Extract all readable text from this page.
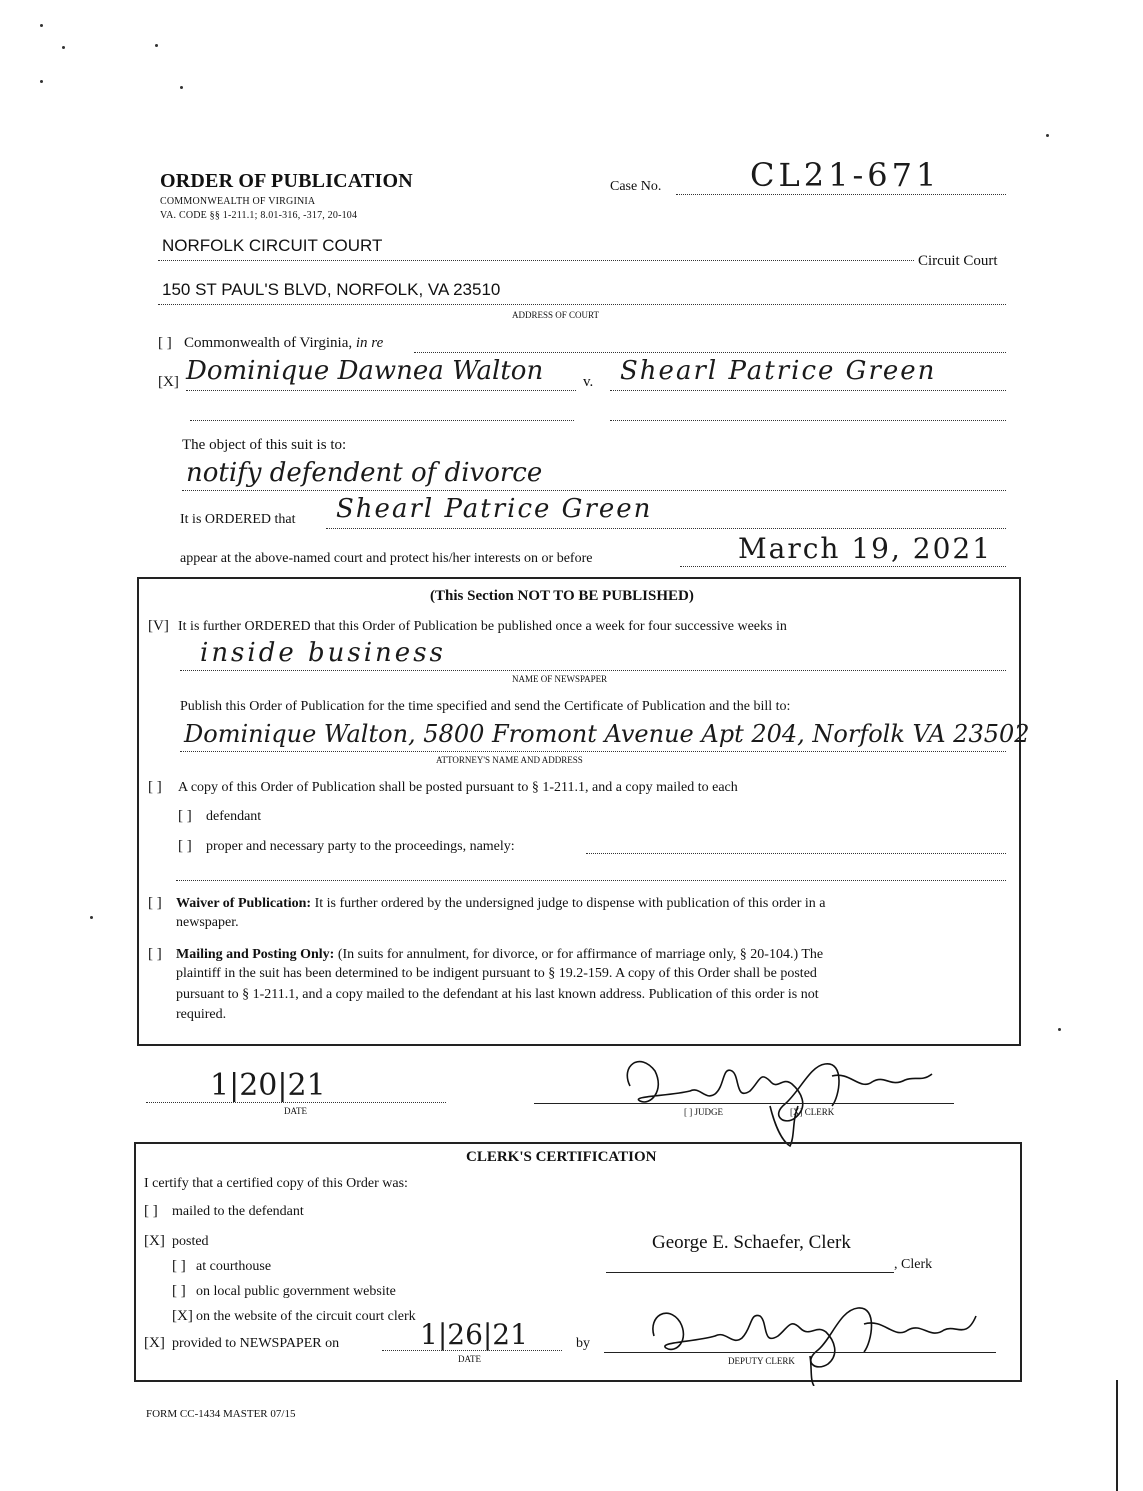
ORDER OF PUBLICATION
COMMONWEALTH OF VIRGINIA
VA. CODE §§ 1-211.1; 8.01-316, -317, 20-104
Case No.	CL21-671
NORFOLK CIRCUIT COURT
Circuit Court
150 ST PAUL'S BLVD, NORFOLK, VA 23510
ADDRESS OF COURT
[ ] Commonwealth of Virginia, in re
[X] Dominique Dawnea Walton	v. Shearl Patrice Green
The object of this suit is to:
notify defendent of divorce
It is ORDERED that Shearl Patrice Green
appear at the above-named court and protect his/her interests on or before	March 19, 2021
(This Section NOT TO BE PUBLISHED)
[V] It is further ORDERED that this Order of Publication be published once a week for four successive weeks in
inside business
NAME OF NEWSPAPER
Publish this Order of Publication for the time specified and send the Certificate of Publication and the bill to:
Dominique Walton, 5800 Fromont Avenue Apt 204, Norfolk VA 23502
ATTORNEY'S NAME AND ADDRESS
[ ] A copy of this Order of Publication shall be posted pursuant to § 1-211.1, and a copy mailed to each
[ ] defendant
[ ] proper and necessary party to the proceedings, namely:
[ ] Waiver of Publication: It is further ordered by the undersigned judge to dispense with publication of this order in a
newspaper.
[ ] Mailing and Posting Only: (In suits for annulment, for divorce, or for affirmance of marriage only, § 20-104.) The
plaintiff in the suit has been determined to be indigent pursuant to § 19.2-159. A copy of this Order shall be posted
pursuant to § 1-211.1, and a copy mailed to the defendant at his last known address. Publication of this order is not
required.
1|20|21
DATE	[ ] JUDGE	[X] CLERK
CLERK'S CERTIFICATION
I certify that a certified copy of this Order was:
[ ] mailed to the defendant
[X] posted
[ ] at courthouse
[ ] on local public government website
[X] on the website of the circuit court clerk
[X] provided to NEWSPAPER on	1|26|21
DATE
by
George E. Schaefer, Clerk
, Clerk
DEPUTY CLERK
FORM CC-1434 MASTER 07/15
